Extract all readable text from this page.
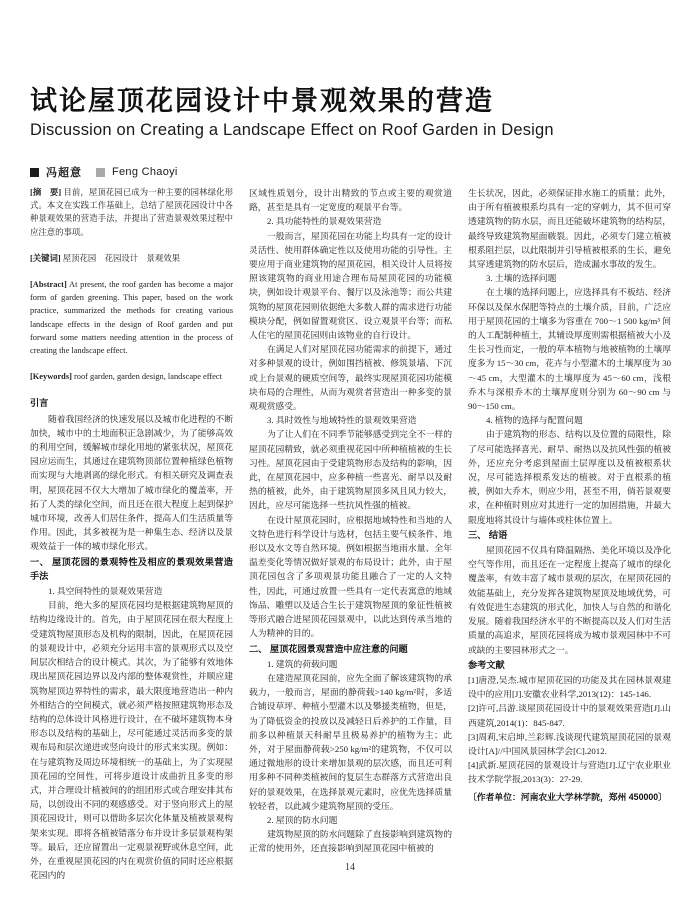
试论屋顶花园设计中景观效果的营造
Discussion on Creating a Landscape Effect on Roof Garden in Design
冯超意	Feng Chaoyi
[摘　要] 目前，屋顶花园已成为一种主要的园林绿化形式。本文在实践工作基础上，总结了屋顶花园设计中各种景观效果的营造手法，并提出了营造景观效果过程中应注意的事项。
[关键词] 屋顶花园　花园设计　景观效果
[Abstract] At present, the roof garden has become a major form of garden greening. This paper, based on the work practice, summarized the methods for creating various landscape effects in the design of Roof garden and put forward some matters needing attention in the process of creating the landscape effect.
[Keywords] roof garden, garden design, landscape effect
引言
随着我国经济的快速发展以及城市化进程的不断加快，城市中的土地面积正急剧减少，为了能够高效的利用空间，缓解城市绿化用地的紧张状况，屋顶花园应运而生，其通过在建筑物顶部位置种植绿色植物而实现与大地剥离的绿化形式。有相关研究及调查表明，屋顶花园不仅大大增加了城市绿化的覆盖率，开拓了人类的绿化空间，而且还在很大程度上起到保护城市环境，改善人们居住条件，提高人们生活质量等作用。因此，其多被视为是一种集生态、经济以及景观效益于一体的城市绿化形式。
一、 屋顶花园的景观特性及相应的景观效果营造手法
1. 具空间特性的景观效果营造
目前，绝大多的屋顶花园均是根据建筑物屋顶的结构边缘设计的。首先，由于屋顶花园在很大程度上受建筑物屋顶形态及机构的限制，因此，在屋顶花园的景观设计中，必须充分运用丰富的景观形式以及空间层次相结合的设计模式。其次，为了能够有效地体现出屋顶花园边界以及内部的整体观赏性，并顺应建筑物屋顶边界特性的需求，最大限度地营造出一种内外相结合的空间模式，就必须严格按照建筑物形态及结构的总体设计风格进行设计，在不破坏建筑物本身形态以及结构的基础上，尽可能通过灵活而多变的景观布局和层次递进或竖向设计的形式来实现。例如：在与建筑物及周边环境相统一的基础上，为了实现屋顶花园的空间性，可将步道设计成曲折且多变的形式，并合理设计植被间的的组团形式或合理安排其布局，以创设出不同的观感感受。对于竖向形式上的屋顶花园设计，则可以借助多层次化体量及植被景观构架来实现。即将各植被错落分布并设计多层景观构架等。最后，还应留置出一定观景视野或休息空间，此外，在重视屋顶花园的内在观赏价值的同时还应根据花园内的
区域性质划分，设计出精致的节点或主要的观赏道路，甚至是具有一定宽度的观景平台等。
2. 具功能特性的景观效果营造
一般而言，屋顶花园在功能上均具有一定的设计灵活性、使用群体确定性以及使用功能的引导性。主要应用于商业建筑物的屋顶花园，相关设计人员将按照该建筑物的商业用途合理布局屋顶花园的功能模块，例如设计观景平台、餐厅以及泳池等；而公共建筑物的屋顶花园则依据绝大多数人群的需求进行功能模块分配，例如留置观赏区、设立观景平台等；而私人住宅的屋顶花园则由该物业的自行设计。
在满足人们对屋顶花园功能需求的前提下，通过对多种景观的设计，例如围挡植被、修筑景墙、下沉或上台景观的硬质空间等，最终实现屋顶花园功能模块布局的合理性，从而为观赏者营造出一种多变的景观观赏感受。
3. 具时效性与地域特性的景观效果营造
为了让人们在不同季节能够感受到完全不一样的屋顶花园精致，就必须重视花园中所种植植被的生长习性。屋顶花园由于受建筑物形态及结构的影响，因此，在屋顶花园中，应多种植一些喜光、耐旱以及耐热的植被，此外，由于建筑物屋顶多风且风力较大，因此，应尽可能选择一些抗风性强的植被。
在设计屋顶花园时，应根据地域特性和当地的人文特色进行科学设计与选材，包括主要气候条件、地形以及水文等自然环境。例如根据当地雨水量、全年温差变化等情况做好景观的布局设计；此外，由于屋顶花园包含了多项观景功能且融合了一定的人文特性，因此，可通过放置一些具有一定代表寓意的地域饰品、雕塑以及适合生长于建筑物屋顶的象征性植被等形式融合进屋顶花园景观中，以此达到传承当地的人为精神的目的。
二、 屋顶花园景观营造中应注意的问题
1. 建筑的荷载问题
在建造屋顶花园前，应先全面了解该建筑物的承载力，一般而言，屋面的静荷载>140 kg/m²时，多适合铺设草坪、种植小型灌木以及攀援类植物，但是，为了降低资金的投放以及减轻日后养护的工作量，目前多以种植景天科耐旱且极易养护的植物为主；此外，对于屋面静荷载>250 kg/m²的建筑物，不仅可以通过微地形的设计来增加景观的层次感，而且还可利用多种不同种类植被间的复层生态群落方式营造出良好的景观效果，在选择景观元素时，应优先选择质量较轻者，以此减少建筑物屋顶的受压。
2. 屋顶的防水问题
建筑物屋顶的防水问题除了直接影响到建筑物的正常的使用外，还直接影响到屋顶花园中植被的
生长状况，因此，必须保证排水施工的质量；此外，由于所有植被根系均具有一定的穿刺力，其不但可穿透建筑物的防水层，而且还能破坏建筑物的结构层，最终导致建筑物屋面皲裂。因此，必须专门建立植被根系阻拦层，以此限制并引导植被根系的生长，避免其穿透建筑物的防水层后，造成漏水事故的发生。
3. 土壤的选择问题
在土壤的选择问题上，应选择具有不板结、经济环保以及保水保肥等特点的土壤介质，目前，广泛应用于屋顶花园的土壤多为容重在 700～1 500 kg/m³ 间的人工配制种植土，其辅设厚度则需根据植被大小及生长习性而定，一般的草本植物与地被植物的土壤厚度多为 15～30 cm，花卉与小型灌木的土壤厚度为 30～45 cm，大型灌木的土壤厚度为 45～60 cm，浅根乔木与深根乔木的土壤厚度则分别为 60～90 cm 与 90～150 cm。
4. 植物的选择与配置问题
由于建筑物的形态、结构以及位置的局限性，除了尽可能选择喜光、耐旱、耐热以及抗风性强的植被外，还应充分考虑到屋面土层厚度以及植被根系状况，尽可能选择根系发达的植被。对于直根系的植被，例如大乔木，则应少用，甚至不用，倘若景观要求，在种植时则应对其进行一定的加固措施，并最大限度地将其设计与墙体或柱体位置上。
三、 结语
屋顶花园不仅具有降温隔热、美化环境以及净化空气等作用，而且还在一定程度上提高了城市的绿化覆盖率，有效丰富了城市景观的层次，在屋顶花园的效能基础上，充分发挥各建筑物屋顶及地域优势，可有效促进生态建筑的形式化，加快人与自然的和谐化发展。随着我国经济水平的不断提高以及人们对生活质量的高追求，屋顶花园将成为城市景观园林中不可或缺的主要园林形式之一。
参考文献
[1]唐澄,吴杰.城市屋顶花园的功能及其在园林景观建设中的应用[J].安徽农业科学,2013(12)：145-146.
[2]许可,吕游.谈屋顶花园设计中的景观效果营造[J].山西建筑,2014(1)：845-847.
[3]周莉,宋启坤,兰彩辉.浅谈现代建筑屋顶花园的景观设计[A]//中国风景园林学会[C].2012.
[4]武新.屋顶花园的景观设计与营造[J].辽宁农业职业技术学院学报,2013(3)：27-29.
〔作者单位：河南农业大学林学院，郑州 450000〕
14
